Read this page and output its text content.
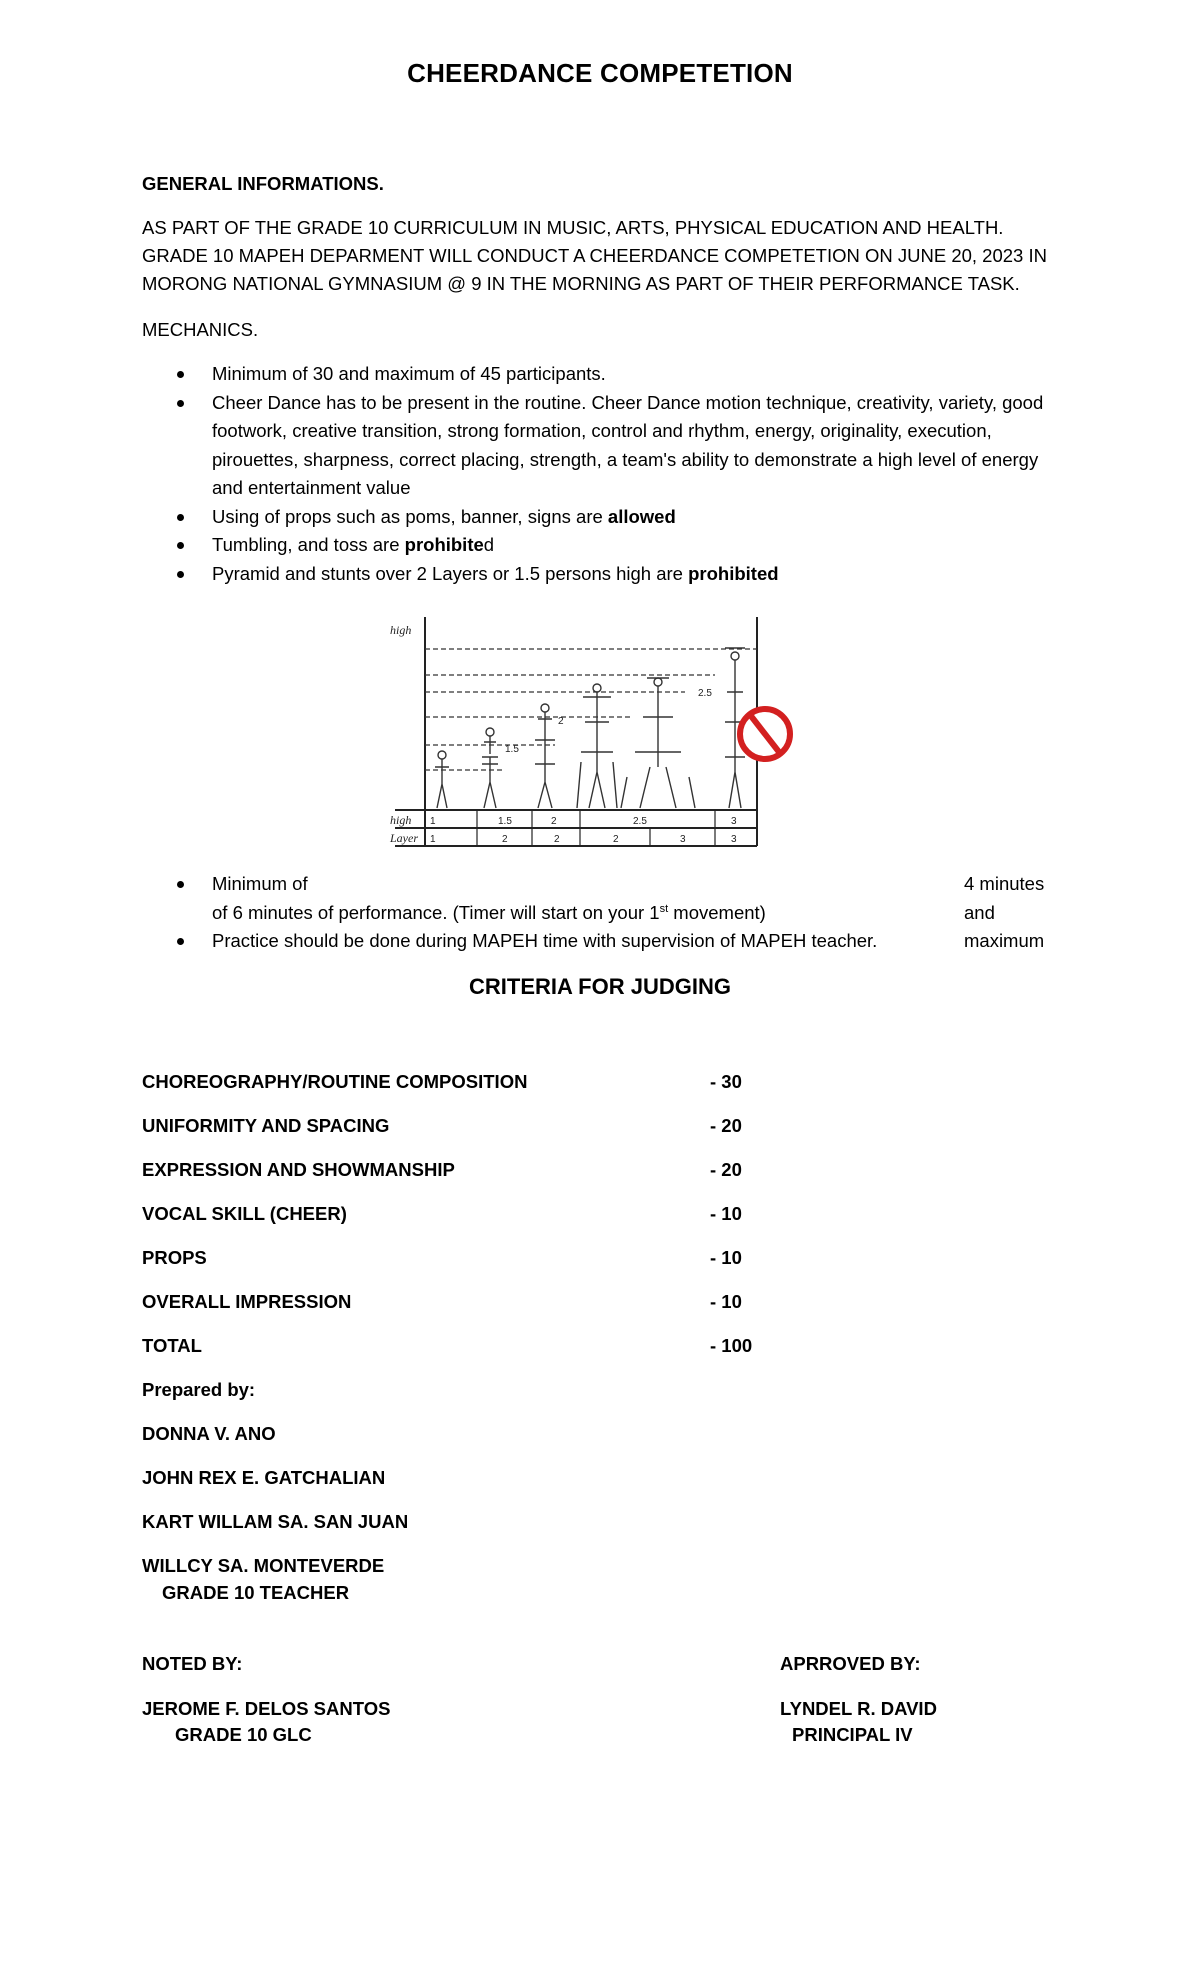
CHEERDANCE COMPETETION
GENERAL INFORMATIONS.
AS PART OF THE GRADE 10 CURRICULUM IN MUSIC, ARTS, PHYSICAL EDUCATION AND HEALTH. GRADE 10 MAPEH DEPARMENT WILL CONDUCT A CHEERDANCE COMPETETION ON JUNE 20, 2023 IN MORONG NATIONAL GYMNASIUM @ 9 IN THE MORNING AS PART OF THEIR PERFORMANCE TASK.
MECHANICS.
Minimum of 30 and maximum of 45 participants.
Cheer Dance has to be present in the routine. Cheer Dance motion technique, creativity, variety, good footwork, creative transition, strong formation, control and rhythm, energy, originality, execution, pirouettes, sharpness, correct placing, strength, a team's ability to demonstrate a high level of energy and entertainment value
Using of props such as poms, banner, signs are allowed
Tumbling, and toss are prohibited
Pyramid and stunts over 2 Layers or 1.5 persons high are prohibited
high
high
Layer
1	1.5	2	2.5	3
1	2	2	2	3	3
1.5
2
2.5
Minimum of	4 minutes and maximum

of 6 minutes of performance. (Timer will start on your 1st movement)
Practice should be done during MAPEH time with supervision of MAPEH teacher.
CRITERIA FOR JUDGING
CHOREOGRAPHY/ROUTINE COMPOSITION	- 30
UNIFORMITY AND SPACING	- 20
EXPRESSION AND SHOWMANSHIP	- 20
VOCAL SKILL (CHEER)	- 10
PROPS	- 10
OVERALL IMPRESSION	- 10
TOTAL	- 100
Prepared by:
DONNA V. ANO
JOHN REX E. GATCHALIAN
KART WILLAM SA. SAN JUAN
WILLCY SA. MONTEVERDE
GRADE 10 TEACHER
NOTED BY:
JEROME F. DELOS SANTOS
GRADE 10 GLC
APRROVED BY:
LYNDEL R. DAVID
PRINCIPAL IV
